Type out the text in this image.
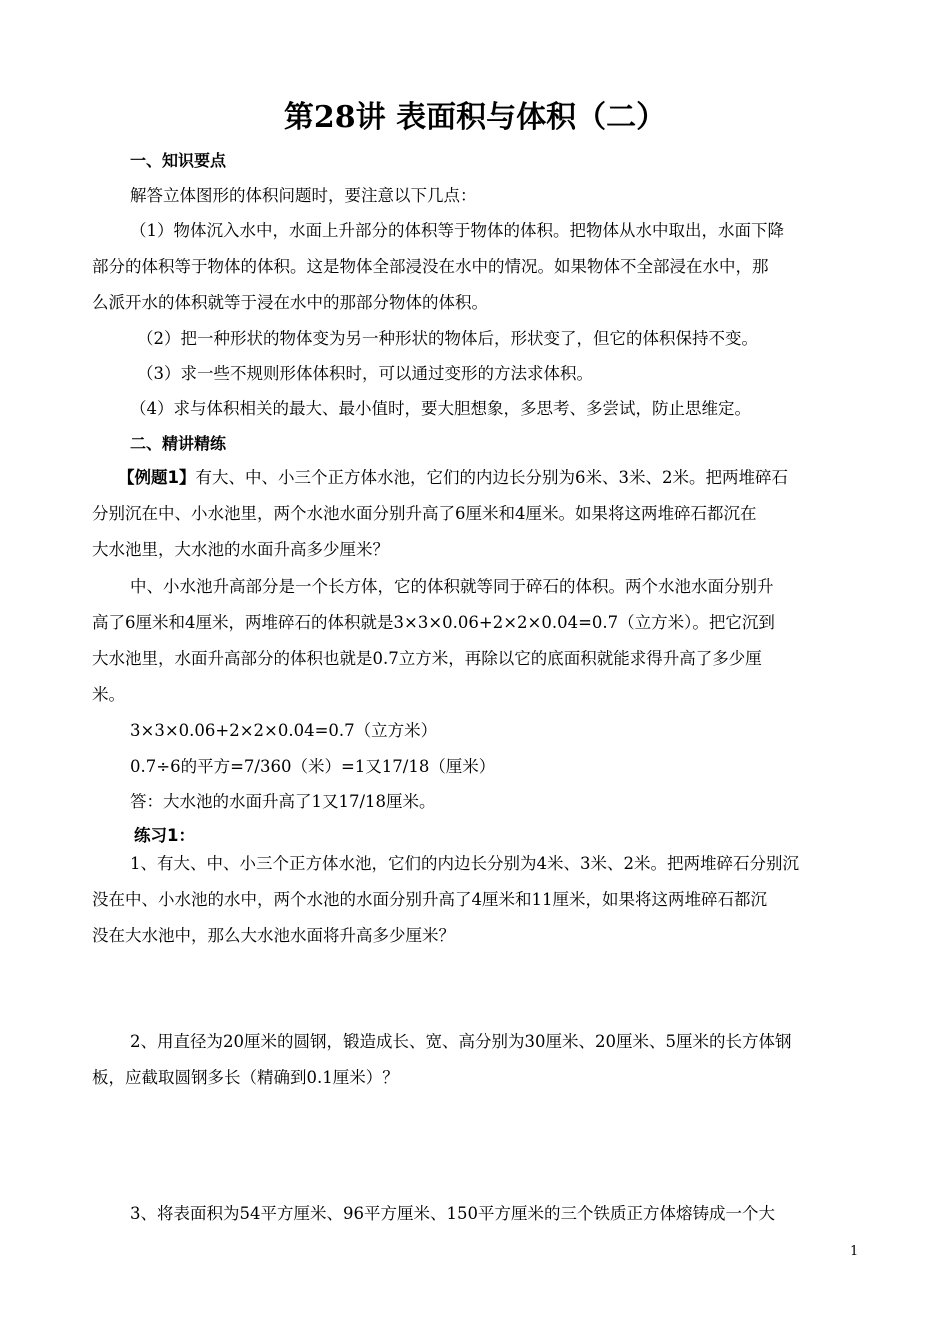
第28讲 表面积与体积（二）
一、知识要点
解答立体图形的体积问题时，要注意以下几点：
（1）物体沉入水中，水面上升部分的体积等于物体的体积。把物体从水中取出，水面下降
部分的体积等于物体的体积。这是物体全部浸没在水中的情况。如果物体不全部浸在水中，那
么派开水的体积就等于浸在水中的那部分物体的体积。
（2）把一种形状的物体变为另一种形状的物体后，形状变了，但它的体积保持不变。
（3）求一些不规则形体体积时，可以通过变形的方法求体积。
（4）求与体积相关的最大、最小值时，要大胆想象，多思考、多尝试，防止思维定。
二、精讲精练
【例题1】有大、中、小三个正方体水池，它们的内边长分别为6米、3米、2米。把两堆碎石
分别沉在中、小水池里，两个水池水面分别升高了6厘米和4厘米。如果将这两堆碎石都沉在
大水池里，大水池的水面升高多少厘米？
中、小水池升高部分是一个长方体，它的体积就等同于碎石的体积。两个水池水面分别升
高了6厘米和4厘米，两堆碎石的体积就是3×3×0.06+2×2×0.04=0.7（立方米）。把它沉到
大水池里，水面升高部分的体积也就是0.7立方米，再除以它的底面积就能求得升高了多少厘
米。
3×3×0.06+2×2×0.04=0.7（立方米）
0.7÷6的平方=7/360（米）=1又17/18（厘米）
答：大水池的水面升高了1又17/18厘米。
练习1：
1、有大、中、小三个正方体水池，它们的内边长分别为4米、3米、2米。把两堆碎石分别沉
没在中、小水池的水中，两个水池的水面分别升高了4厘米和11厘米，如果将这两堆碎石都沉
没在大水池中，那么大水池水面将升高多少厘米？
2、用直径为20厘米的圆钢，锻造成长、宽、高分别为30厘米、20厘米、5厘米的长方体钢
板，应截取圆钢多长（精确到0.1厘米）？
3、将表面积为54平方厘米、96平方厘米、150平方厘米的三个铁质正方体熔铸成一个大
1
